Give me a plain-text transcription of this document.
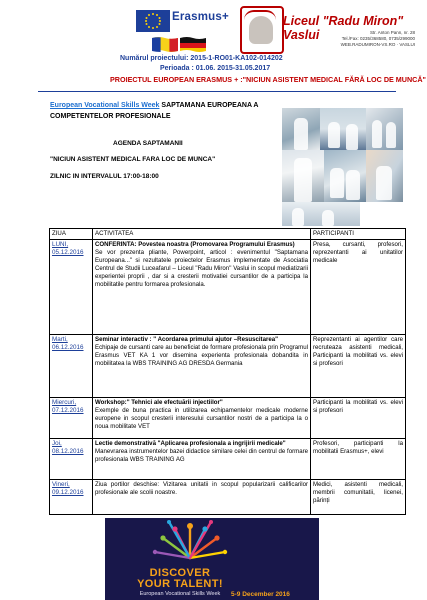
Erasmus+	Liceul "Radu Miron" Vaslui	Str. Anton Pann, nr. 28
Tel./Fax: 0235/368580, 0735/299000
WEB.RADUMIRON-VS.RO ‧ VASLUI
Numărul proiectului: 2015-1-RO01-KA102-014202
Perioada : 01.06. 2015-31.05.2017
PROIECTUL EUROPEAN ERASMUS + :"NICIUN ASISTENT MEDICAL FĂRĂ LOC DE MUNCĂ"
European Vocational Skills Week SAPTAMANA EUROPEANA A COMPETENTELOR PROFESIONALE
AGENDA SAPTAMANII
"NICIUN ASISTENT MEDICAL FARA LOC DE MUNCA"
ZILNIC IN INTERVALUL 17:00-18:00
ZIUA	ACTIVITATEA	PARTICIPANTI
LUNI, 05.12.2016	CONFERINTA: Povestea noastra (Promovarea Programului Erasmus)
Se vor prezenta pliante, Powerpoint, articol : evenimentul "Saptamana Europeana..." si rezultatele proiectelor Erasmus implementate de Asociatia Centrul de Studii Luceafarul – Liceul "Radu Miron" Vaslui in scopul mediatizarii experientei proprii , dar si a cresterii motivatiei cursantilor de a participa la mobilitatile pentru formarea profesionala.	Presa, cursanti, profesori, reprezentanti ai unitatilor medicale
Marti, 06.12.2016	Seminar interactiv : " Acordarea primului ajutor –Resuscitarea"
Echipaje de cursanti care au beneficiat de formare profesionala prin Programul Erasmus VET KA 1 vor disemina experienta profesionala dobandita in mobilitatea la WBS TRAINING AG DRESDA Germania	Reprezentanti ai agentilor care recruteaza asistenti medicali, Participanti la mobilitati vs. elevi si profesori
Miercuri, 07.12.2016	Workshop:" Tehnici ale efectuării injectiilor"
Exemple de buna practica in utilizarea echipamentelor medicale moderne europene in scopul cresterii interesului cursantilor nostri de a participa la o noua mobilitate VET	Participanti la mobilitati vs. elevi si profesori
Joi, 08.12.2016	Lectie demonstrativă "Aplicarea profesionala a ingrijirii medicale"
Manevrarea instrumentelor bazei didactice similare celei din centrul de formare profesionala WBS TRAINING AG	Profesori, participanti la mobilitatii Erasmus+, elevi
Vineri, 09.12.2016	Ziua portilor deschise: Vizitarea unitatii in scopul popularizarii calificarilor profesionale ale scolii noastre.	Medici, asistenti medicali, membrii comunitatii, licenei, părinți
DISCOVER
YOUR TALENT!
European Vocational Skills Week	5-9 December 2016
